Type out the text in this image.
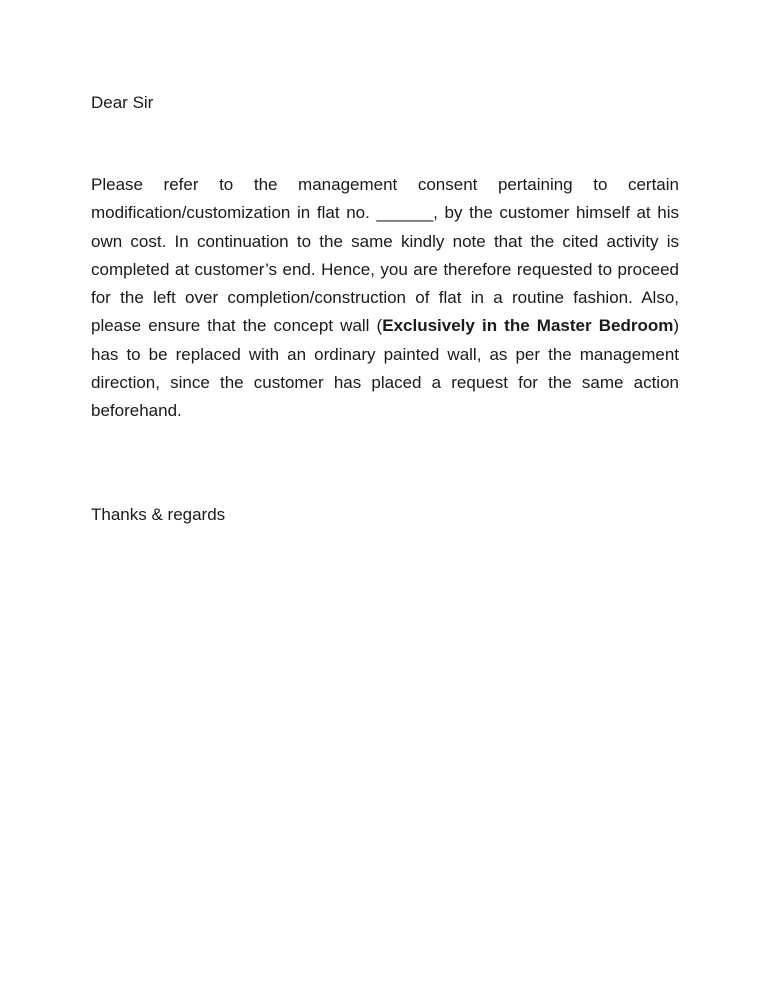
Dear Sir

Please refer to the management consent pertaining to certain modification/customization in flat no. ______, by the customer himself at his own cost. In continuation to the same kindly note that the cited activity is completed at customer’s end. Hence, you are therefore requested to proceed for the left over completion/construction of flat in a routine fashion. Also, please ensure that the concept wall (Exclusively in the Master Bedroom) has to be replaced with an ordinary painted wall, as per the management direction, since the customer has placed a request for the same action beforehand.

Thanks & regards
